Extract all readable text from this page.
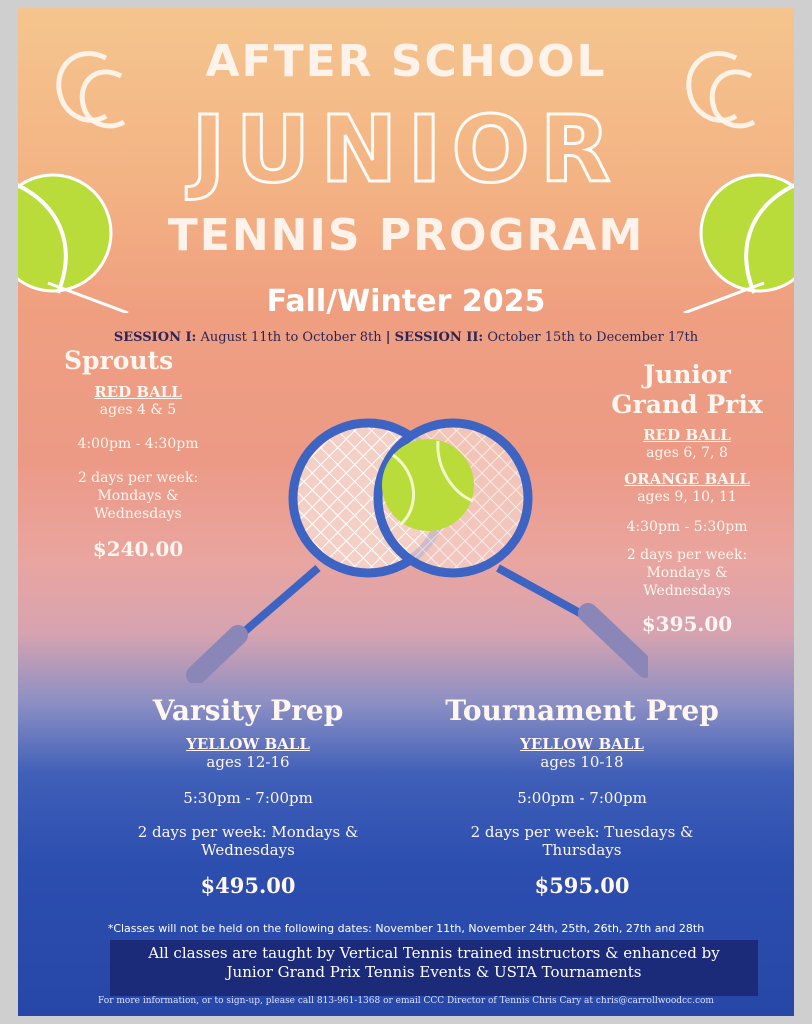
AFTER SCHOOL
JUNIOR
TENNIS PROGRAM
Fall/Winter 2025
SESSION I: August 11th to October 8th | SESSION II: October 15th to December 17th
Sprouts
RED BALL
ages 4 & 5
4:00pm - 4:30pm
2 days per week:
Mondays &
Wednesdays
$240.00
Junior
Grand Prix
RED BALL
ages 6, 7, 8
ORANGE BALL
ages 9, 10, 11
4:30pm - 5:30pm
2 days per week:
Mondays &
Wednesdays
$395.00
Varsity Prep
YELLOW BALL
ages 12-16
5:30pm - 7:00pm
2 days per week: Mondays &
Wednesdays
$495.00
Tournament Prep
YELLOW BALL
ages 10-18
5:00pm - 7:00pm
2 days per week: Tuesdays &
Thursdays
$595.00
*Classes will not be held on the following dates: November 11th, November 24th, 25th, 26th, 27th and 28th
All classes are taught by Vertical Tennis trained instructors & enhanced by
Junior Grand Prix Tennis Events & USTA Tournaments
For more information, or to sign-up, please call 813-961-1368 or email CCC Director of Tennis Chris Cary at chris@carrollwoodcc.com
